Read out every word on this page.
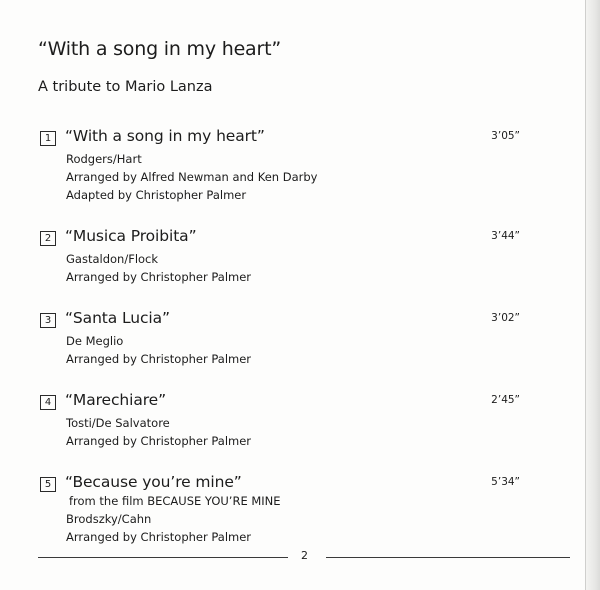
“With a song in my heart”
A tribute to Mario Lanza
1 “With a song in my heart”	3’05”
Rodgers/Hart
Arranged by Alfred Newman and Ken Darby
Adapted by Christopher Palmer
2 “Musica Proibita”	3’44”
Gastaldon/Flock
Arranged by Christopher Palmer
3 “Santa Lucia”	3’02”
De Meglio
Arranged by Christopher Palmer
4 “Marechiare”	2’45”
Tosti/De Salvatore
Arranged by Christopher Palmer
5 “Because you’re mine”	5’34”
from the film BECAUSE YOU’RE MINE
Brodszky/Cahn
Arranged by Christopher Palmer
2
